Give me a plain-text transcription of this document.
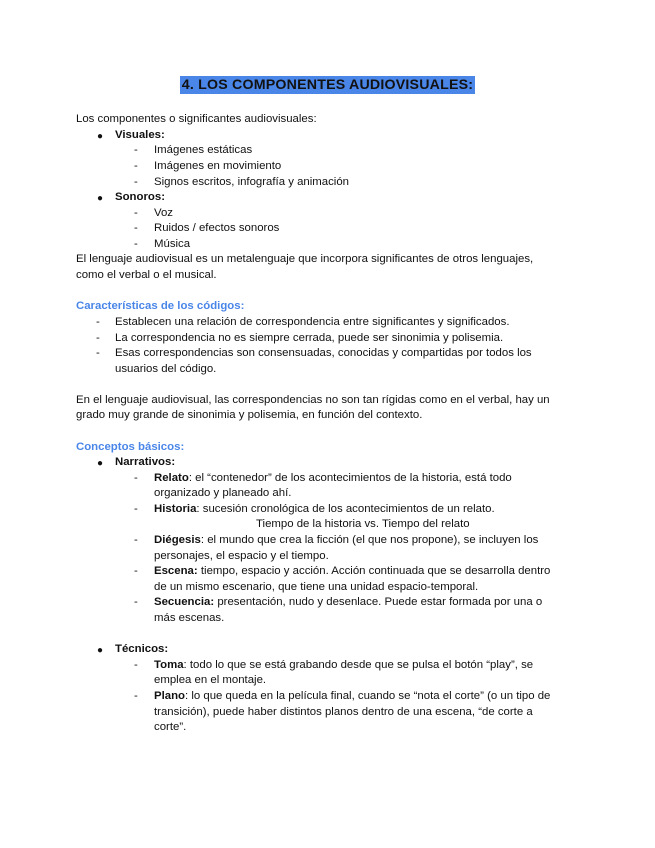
4. LOS COMPONENTES AUDIOVISUALES:
Los componentes o significantes audiovisuales:
● Visuales:
- Imágenes estáticas
- Imágenes en movimiento
- Signos escritos, infografía y animación
● Sonoros:
- Voz
- Ruidos / efectos sonoros
- Música
El lenguaje audiovisual es un metalenguaje que incorpora significantes de otros lenguajes,
como el verbal o el musical.
Características de los códigos:
- Establecen una relación de correspondencia entre significantes y significados.
- La correspondencia no es siempre cerrada, puede ser sinonimia y polisemia.
- Esas correspondencias son consensuadas, conocidas y compartidas por todos los
usuarios del código.
En el lenguaje audiovisual, las correspondencias no son tan rígidas como en el verbal, hay un
grado muy grande de sinonimia y polisemia, en función del contexto.
Conceptos básicos:
● Narrativos:
- Relato: el “contenedor” de los acontecimientos de la historia, está todo
organizado y planeado ahí.
- Historia: sucesión cronológica de los acontecimientos de un relato.
Tiempo de la historia vs. Tiempo del relato
- Diégesis: el mundo que crea la ficción (el que nos propone), se incluyen los
personajes, el espacio y el tiempo.
- Escena: tiempo, espacio y acción. Acción continuada que se desarrolla dentro
de un mismo escenario, que tiene una unidad espacio-temporal.
- Secuencia: presentación, nudo y desenlace. Puede estar formada por una o
más escenas.
● Técnicos:
- Toma: todo lo que se está grabando desde que se pulsa el botón “play”, se
emplea en el montaje.
- Plano: lo que queda en la película final, cuando se “nota el corte” (o un tipo de
transición), puede haber distintos planos dentro de una escena, “de corte a
corte”.
